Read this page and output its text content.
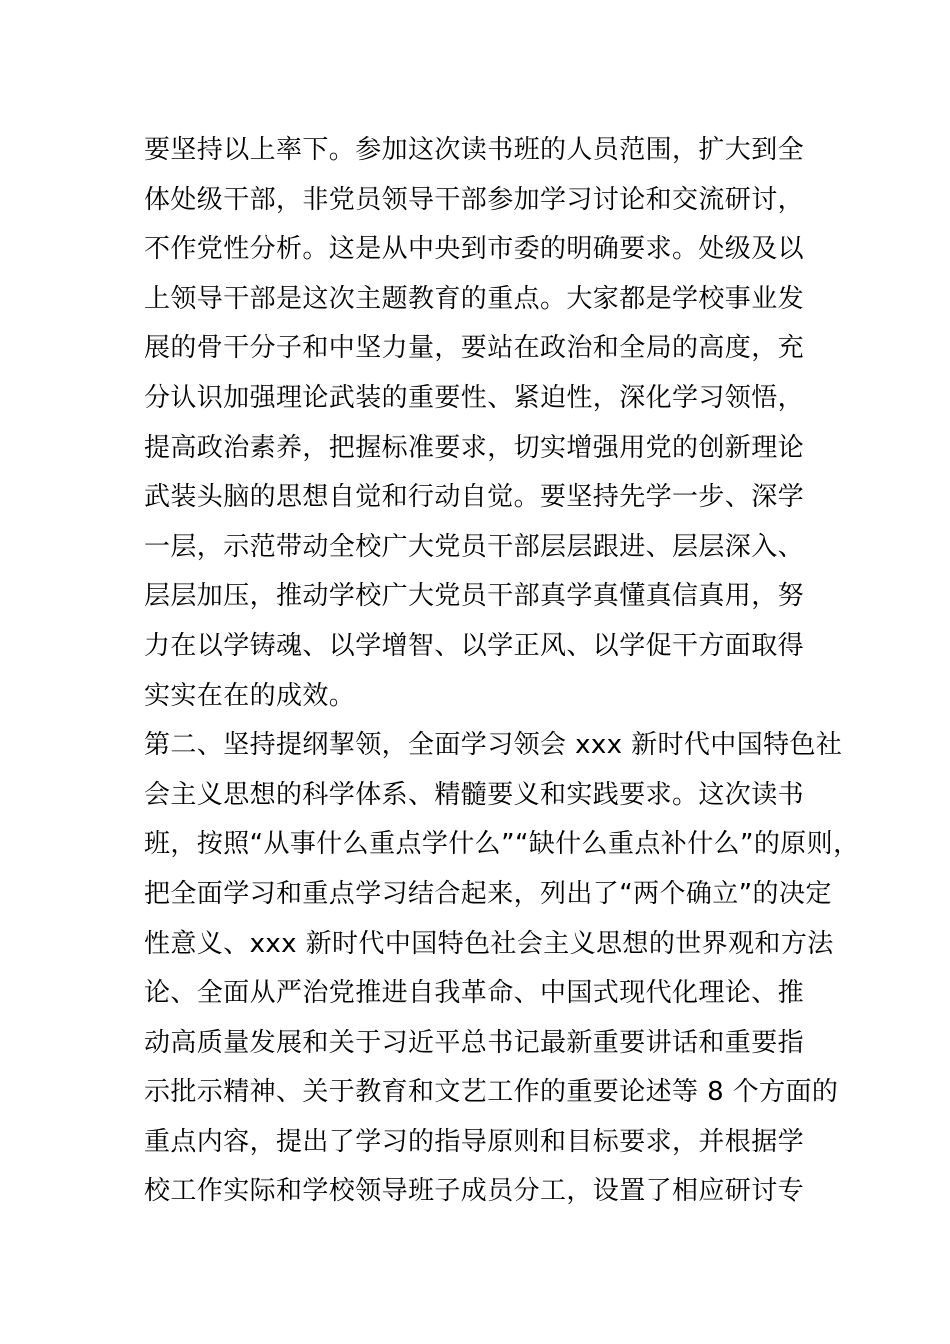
要坚持以上率下。参加这次读书班的人员范围，扩大到全
体处级干部，非党员领导干部参加学习讨论和交流研讨，
不作党性分析。这是从中央到市委的明确要求。处级及以
上领导干部是这次主题教育的重点。大家都是学校事业发
展的骨干分子和中坚力量，要站在政治和全局的高度，充
分认识加强理论武装的重要性、紧迫性，深化学习领悟，
提高政治素养，把握标准要求，切实增强用党的创新理论
武装头脑的思想自觉和行动自觉。要坚持先学一步、深学
一层，示范带动全校广大党员干部层层跟进、层层深入、
层层加压，推动学校广大党员干部真学真懂真信真用，努
力在以学铸魂、以学增智、以学正风、以学促干方面取得
实实在在的成效。
第二、坚持提纲挈领，全面学习领会 xxx 新时代中国特色社
会主义思想的科学体系、精髓要义和实践要求。这次读书
班，按照“从事什么重点学什么”“缺什么重点补什么”的原则，
把全面学习和重点学习结合起来，列出了“两个确立”的决定
性意义、xxx 新时代中国特色社会主义思想的世界观和方法
论、全面从严治党推进自我革命、中国式现代化理论、推
动高质量发展和关于习近平总书记最新重要讲话和重要指
示批示精神、关于教育和文艺工作的重要论述等 8 个方面的
重点内容，提出了学习的指导原则和目标要求，并根据学
校工作实际和学校领导班子成员分工，设置了相应研讨专
